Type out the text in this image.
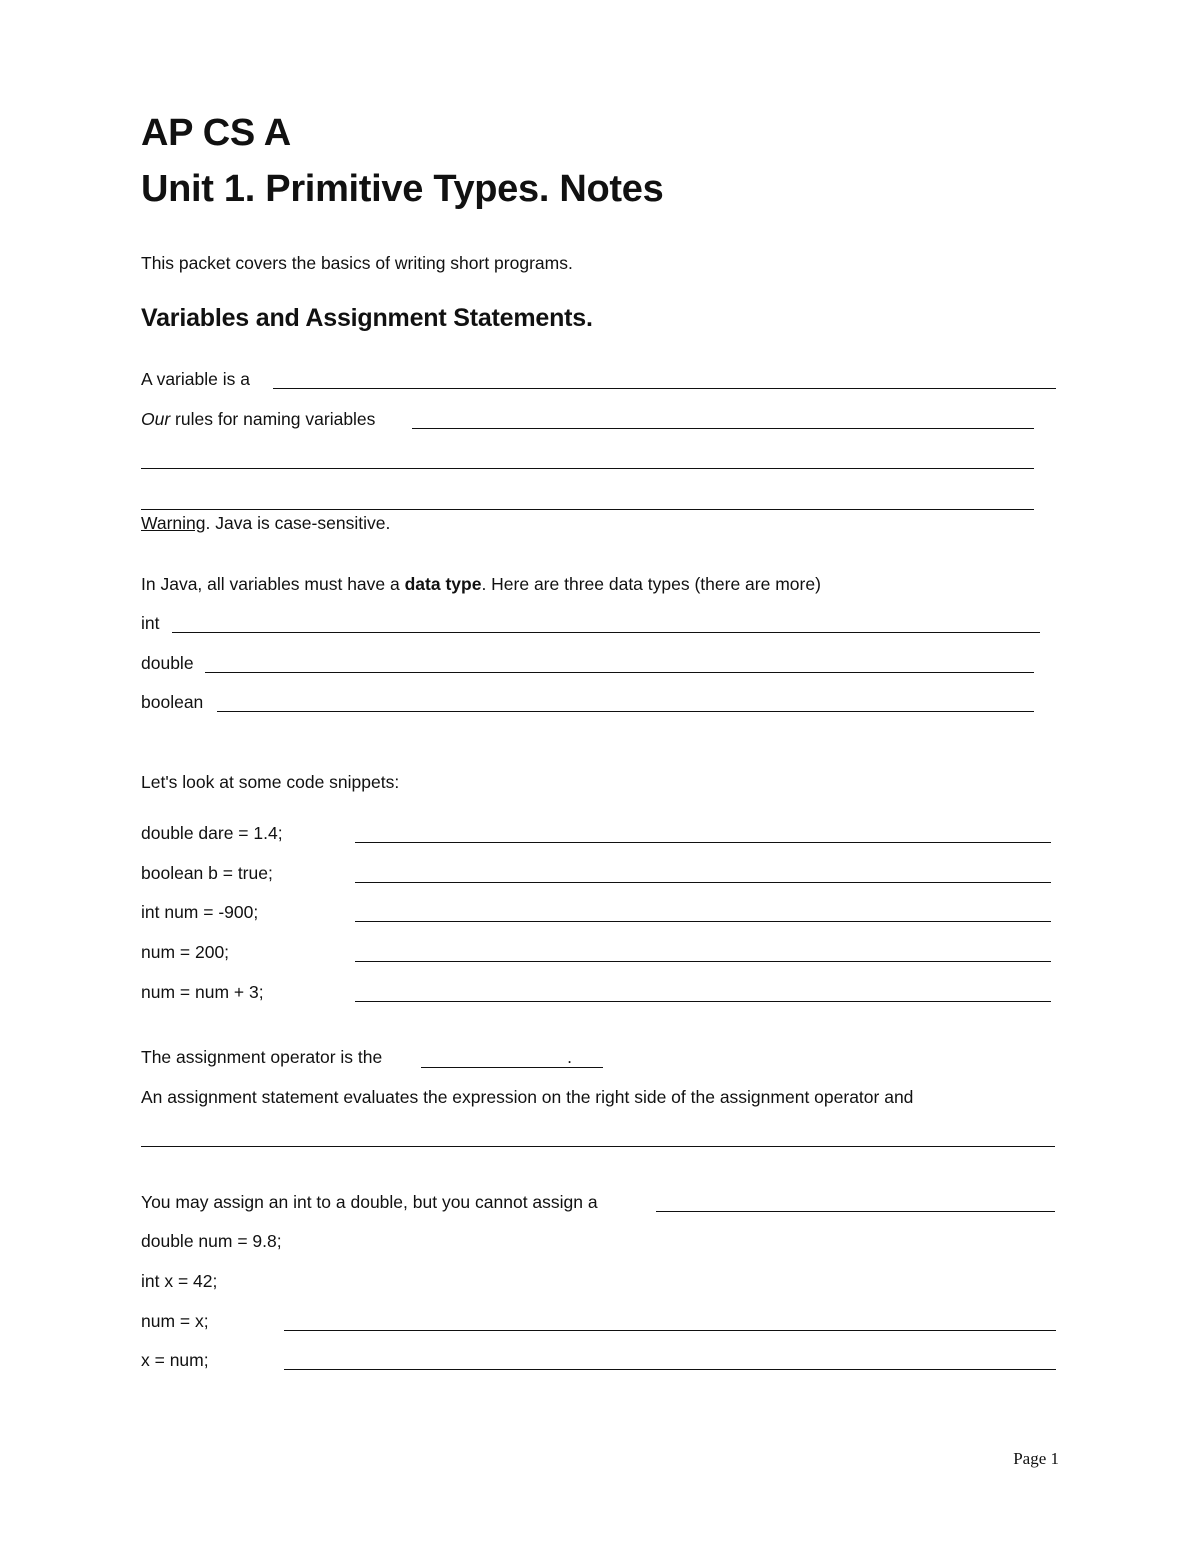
AP CS A
Unit 1. Primitive Types. Notes
This packet covers the basics of writing short programs.
Variables and Assignment Statements.
A variable is a
Our rules for naming variables
Warning. Java is case-sensitive.
In Java, all variables must have a data type. Here are three data types (there are more)
int
double
boolean
Let's look at some code snippets:
double dare = 1.4;
boolean b = true;
int num = -900;
num = 200;
num = num + 3;
The assignment operator is the	.
An assignment statement evaluates the expression on the right side of the assignment operator and
You may assign an int to a double, but you cannot assign a
double num = 9.8;
int x = 42;
num = x;
x = num;
Page 1
